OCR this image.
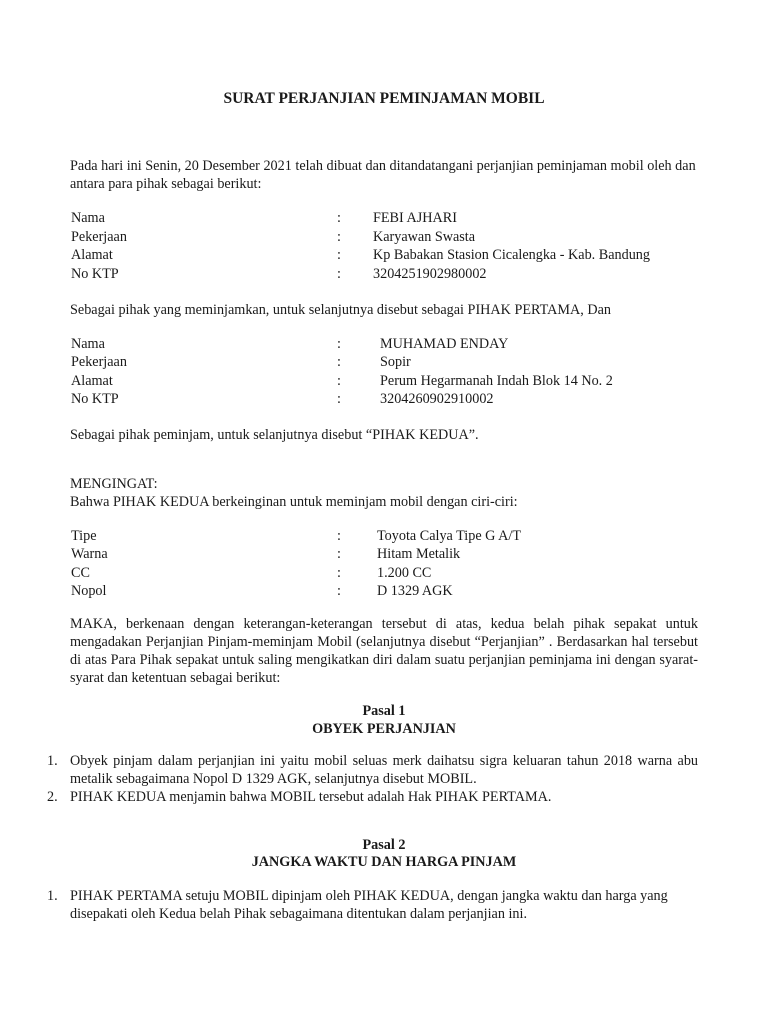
SURAT PERJANJIAN PEMINJAMAN MOBIL
Pada hari ini Senin, 20 Desember 2021 telah dibuat dan ditandatangani perjanjian peminjaman mobil oleh dan antara para pihak sebagai berikut:
Nama	: FEBI AJHARI
Pekerjaan	: Karyawan Swasta
Alamat	: Kp Babakan Stasion Cicalengka - Kab. Bandung
No KTP	: 3204251902980002
Sebagai pihak yang meminjamkan, untuk selanjutnya disebut sebagai PIHAK PERTAMA, Dan
Nama	:	MUHAMAD ENDAY
Pekerjaan	:	Sopir
Alamat	:	Perum Hegarmanah Indah Blok 14 No. 2
No KTP	:	3204260902910002
Sebagai pihak peminjam, untuk selanjutnya disebut “PIHAK KEDUA”.
MENGINGAT:
Bahwa PIHAK KEDUA berkeinginan untuk meminjam mobil dengan ciri-ciri:
Tipe	:	Toyota Calya Tipe G A/T
Warna	:	Hitam Metalik
CC	:	1.200 CC
Nopol	:	D 1329 AGK
MAKA, berkenaan dengan keterangan-keterangan tersebut di atas, kedua belah pihak sepakat untuk mengadakan Perjanjian Pinjam-meminjam Mobil (selanjutnya disebut “Perjanjian” . Berdasarkan hal tersebut di atas Para Pihak sepakat untuk saling mengikatkan diri dalam suatu perjanjian peminjama ini dengan syarat-syarat dan ketentuan sebagai berikut:
Pasal 1
OBYEK PERJANJIAN
1. Obyek pinjam dalam perjanjian ini yaitu mobil seluas merk daihatsu sigra keluaran tahun 2018 warna abu metalik sebagaimana Nopol D 1329 AGK, selanjutnya disebut MOBIL.
2. PIHAK KEDUA menjamin bahwa MOBIL tersebut adalah Hak PIHAK PERTAMA.
Pasal 2
JANGKA WAKTU DAN HARGA PINJAM
1. PIHAK PERTAMA setuju MOBIL dipinjam oleh PIHAK KEDUA, dengan jangka waktu dan harga yang disepakati oleh Kedua belah Pihak sebagaimana ditentukan dalam perjanjian ini.
